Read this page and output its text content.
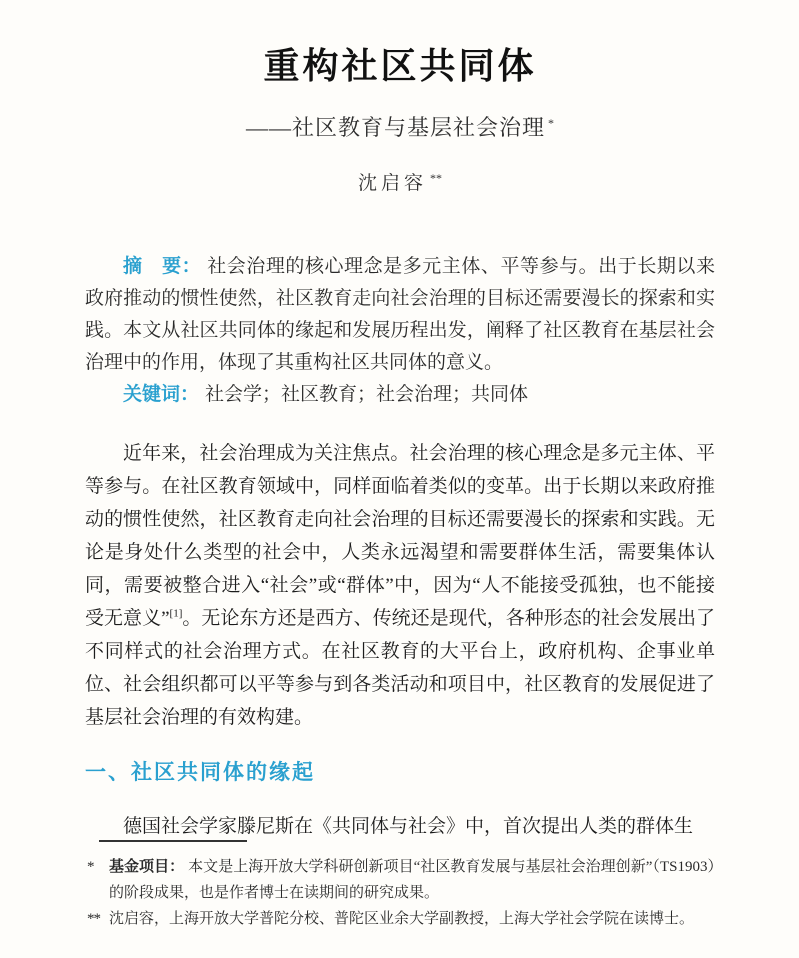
重构社区共同体
——社区教育与基层社会治理 *
沈启容 **

摘　要： 社会治理的核心理念是多元主体、平等参与。出于长期以来政府推动的惯性使然，社区教育走向社会治理的目标还需要漫长的探索和实践。本文从社区共同体的缘起和发展历程出发，阐释了社区教育在基层社会治理中的作用，体现了其重构社区共同体的意义。

关键词： 社会学；社区教育；社会治理；共同体

近年来，社会治理成为关注焦点。社会治理的核心理念是多元主体、平等参与。在社区教育领域中，同样面临着类似的变革。出于长期以来政府推动的惯性使然，社区教育走向社会治理的目标还需要漫长的探索和实践。无论是身处什么类型的社会中，人类永远渴望和需要群体生活，需要集体认同，需要被整合进入“社会”或“群体”中，因为“人不能接受孤独，也不能接受无意义”[1]。无论东方还是西方、传统还是现代，各种形态的社会发展出了不同样式的社会治理方式。在社区教育的大平台上，政府机构、企事业单位、社会组织都可以平等参与到各类活动和项目中，社区教育的发展促进了基层社会治理的有效构建。

一、社区共同体的缘起

德国社会学家滕尼斯在《共同体与社会》中，首次提出人类的群体生

* 基金项目： 本文是上海开放大学科研创新项目“社区教育发展与基层社会治理创新”（TS1903）的阶段成果，也是作者博士在读期间的研究成果。
** 沈启容，上海开放大学普陀分校、普陀区业余大学副教授，上海大学社会学院在读博士。
